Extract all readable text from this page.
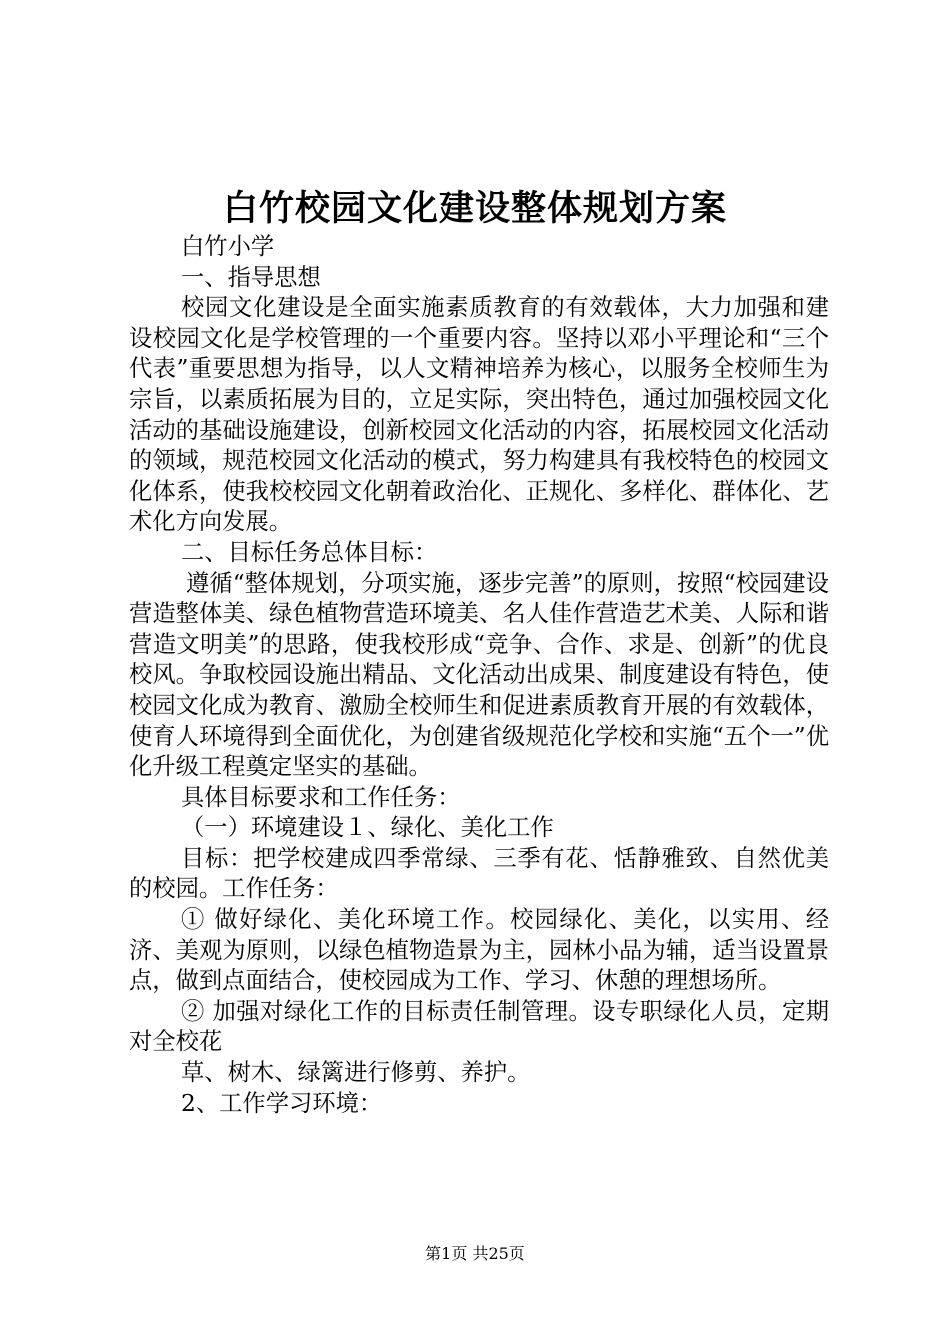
白竹校园文化建设整体规划方案

白竹小学

一、指导思想

校园文化建设是全面实施素质教育的有效载体，大力加强和建设校园文化是学校管理的一个重要内容。坚持以邓小平理论和“三个代表”重要思想为指导，以人文精神培养为核心，以服务全校师生为宗旨，以素质拓展为目的，立足实际，突出特色，通过加强校园文化活动的基础设施建设，创新校园文化活动的内容，拓展校园文化活动的领域，规范校园文化活动的模式，努力构建具有我校特色的校园文化体系，使我校校园文化朝着政治化、正规化、多样化、群体化、艺术化方向发展。

二、目标任务总体目标：

遵循“整体规划，分项实施，逐步完善”的原则，按照“校园建设营造整体美、绿色植物营造环境美、名人佳作营造艺术美、人际和谐营造文明美”的思路，使我校形成“竞争、合作、求是、创新”的优良校风。争取校园设施出精品、文化活动出成果、制度建设有特色，使校园文化成为教育、激励全校师生和促进素质教育开展的有效载体，使育人环境得到全面优化，为创建省级规范化学校和实施“五个一”优化升级工程奠定坚实的基础。

具体目标要求和工作任务：

（一）环境建设１、绿化、美化工作

目标：把学校建成四季常绿、三季有花、恬静雅致、自然优美的校园。工作任务：

① 做好绿化、美化环境工作。校园绿化、美化，以实用、经济、美观为原则，以绿色植物造景为主，园林小品为辅，适当设置景点，做到点面结合，使校园成为工作、学习、休憩的理想场所。

② 加强对绿化工作的目标责任制管理。设专职绿化人员，定期对全校花

草、树木、绿篱进行修剪、养护。

2、工作学习环境：

第1页 共25页
